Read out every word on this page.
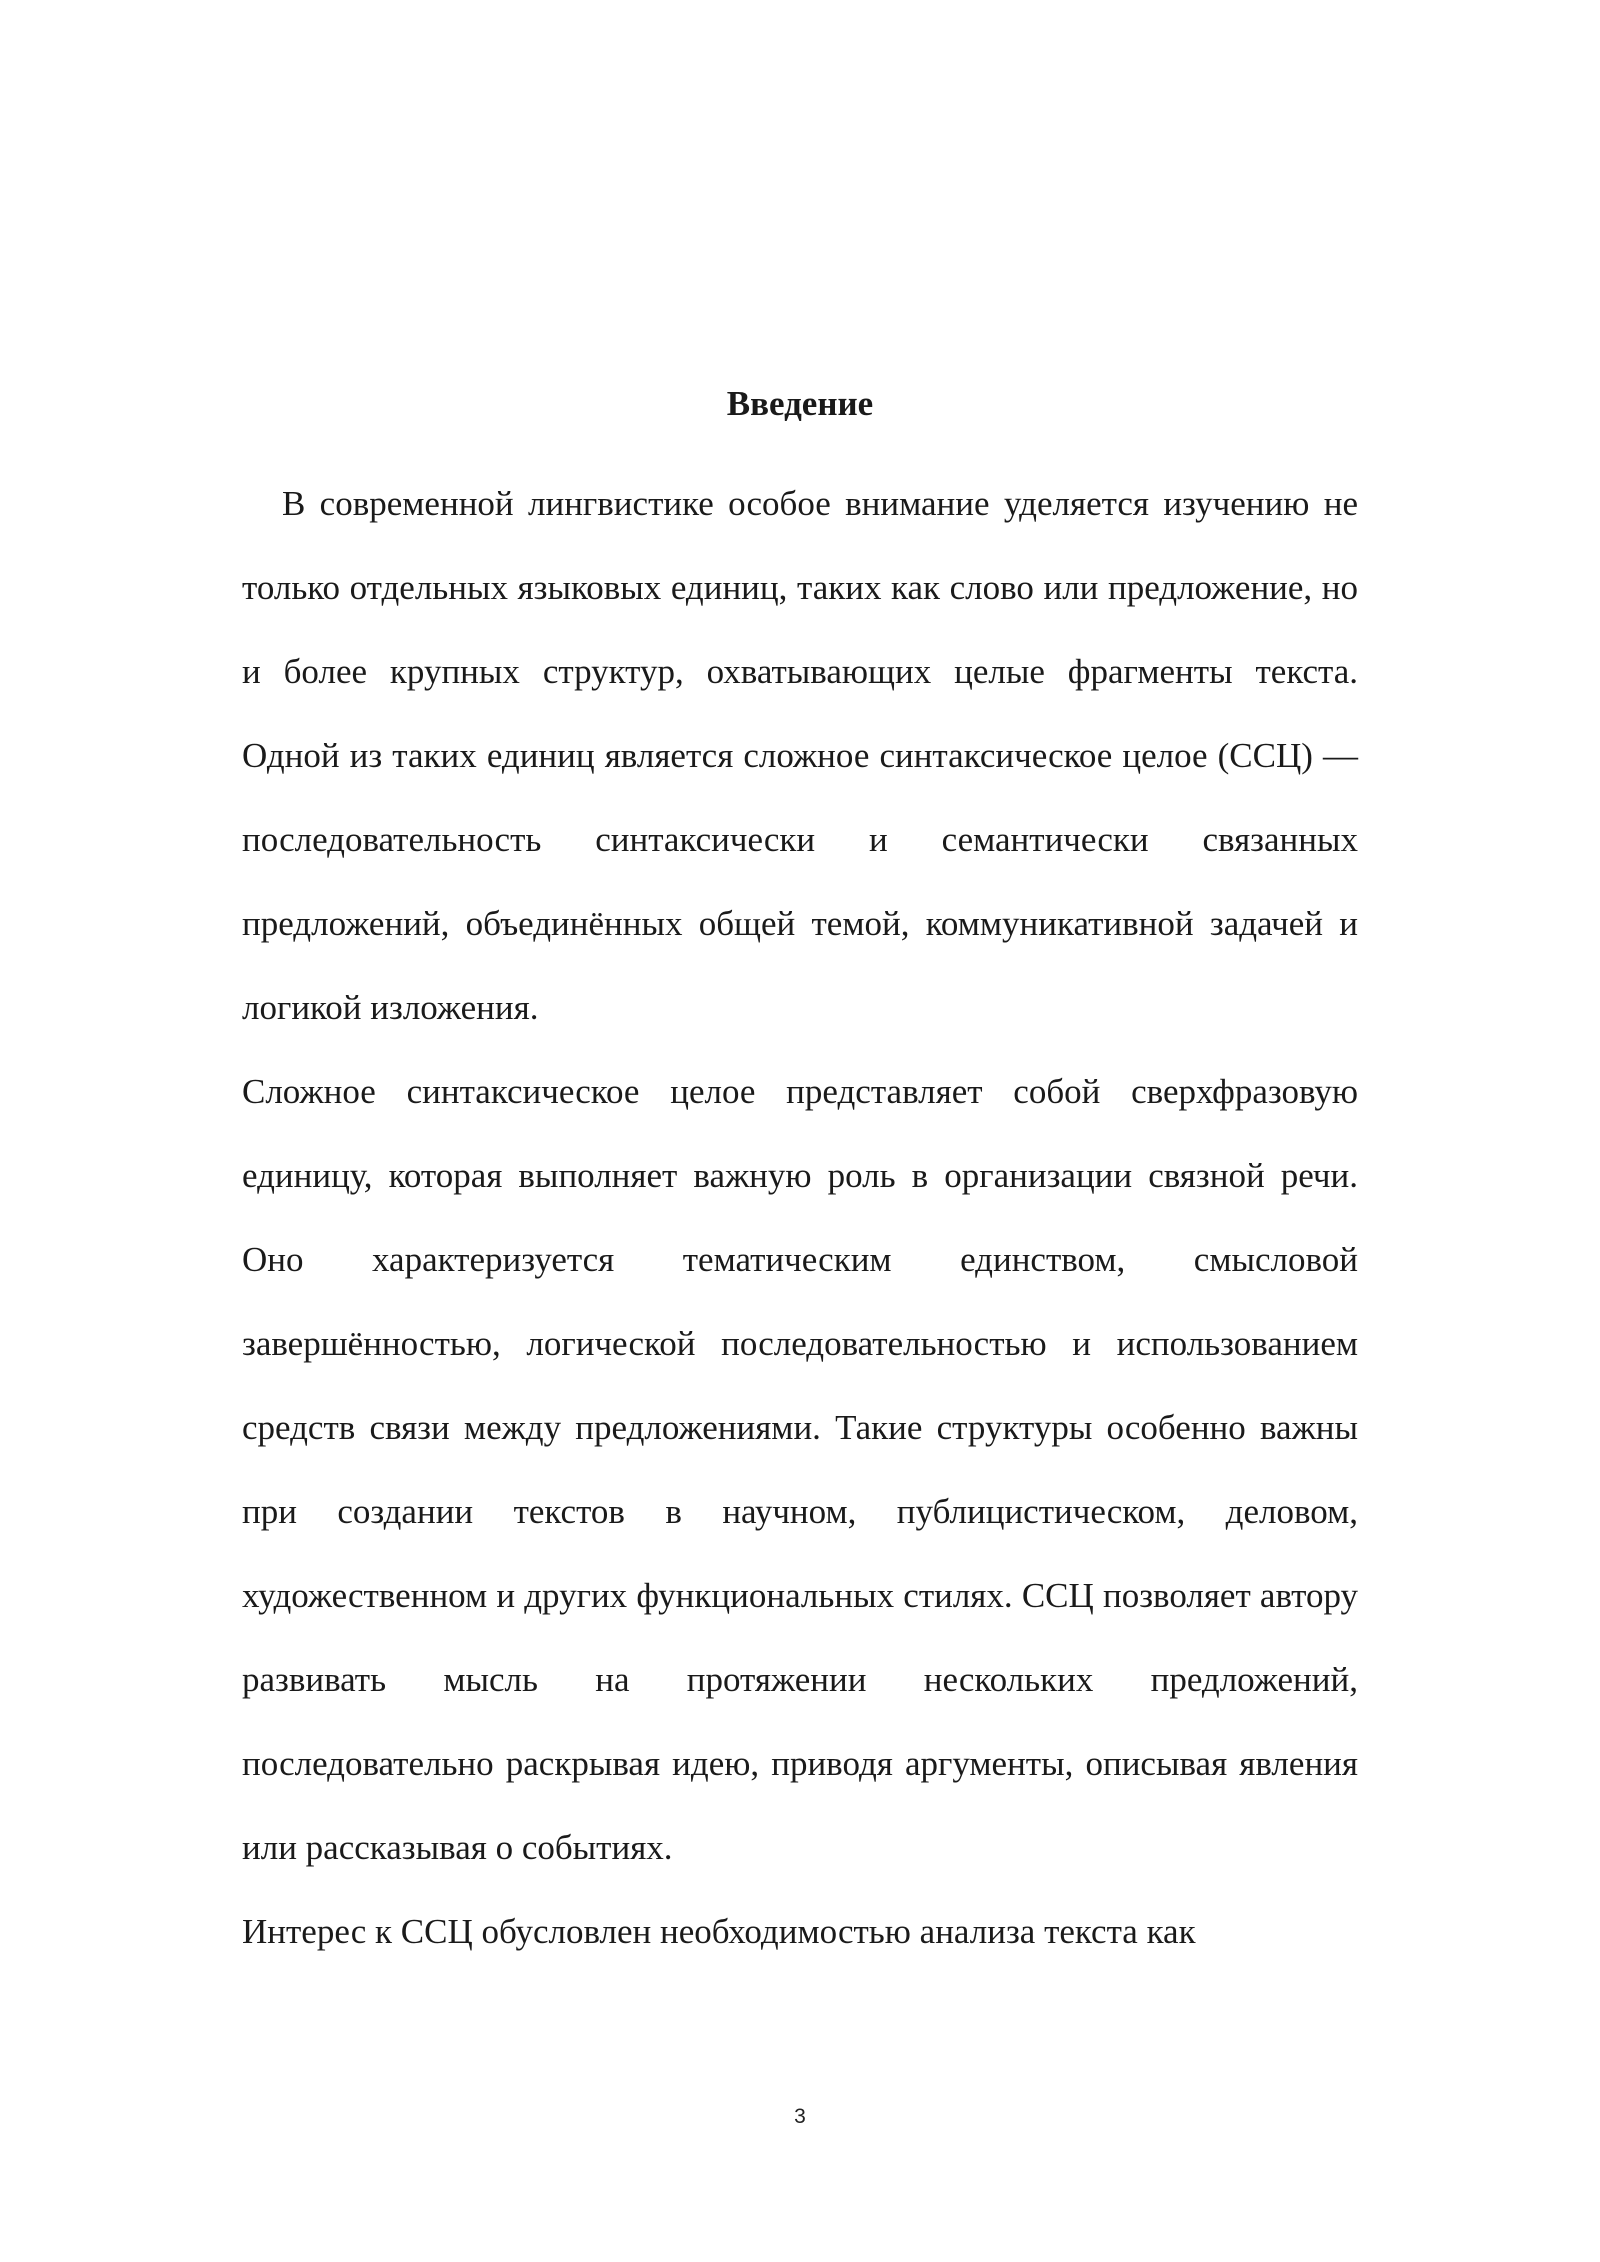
Введение

В современной лингвистике особое внимание уделяется изучению не только отдельных языковых единиц, таких как слово или предложение, но и более крупных структур, охватывающих целые фрагменты текста. Одной из таких единиц является сложное синтаксическое целое (ССЦ) — последовательность синтаксически и семантически связанных предложений, объединённых общей темой, коммуникативной задачей и логикой изложения.

Сложное синтаксическое целое представляет собой сверхфразовую единицу, которая выполняет важную роль в организации связной речи. Оно характеризуется тематическим единством, смысловой завершённостью, логической последовательностью и использованием средств связи между предложениями. Такие структуры особенно важны при создании текстов в научном, публицистическом, деловом, художественном и других функциональных стилях. ССЦ позволяет автору развивать мысль на протяжении нескольких предложений, последовательно раскрывая идею, приводя аргументы, описывая явления или рассказывая о событиях.

Интерес к ССЦ обусловлен необходимостью анализа текста как

3
